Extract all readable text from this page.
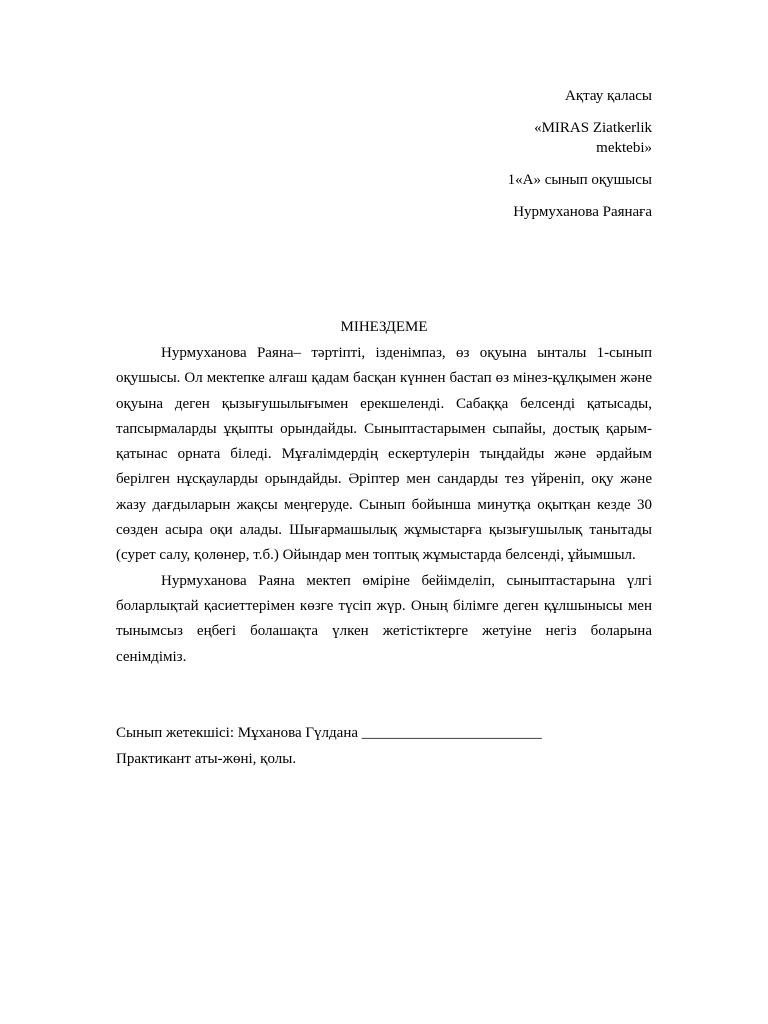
Ақтау қаласы
«MIRAS Ziatkerlik
mektebi»
1«А» сынып оқушысы
Нурмуханова Раянаға
МІНЕЗДЕМЕ

Нурмуханова Раяна– тәртіпті, ізденімпаз, өз оқуына ынталы 1-сынып оқушысы. Ол мектепке алғаш қадам басқан күннен бастап өз мінез-құлқымен және оқуына деген қызығушылығымен ерекшеленді. Сабаққа белсенді қатысады, тапсырмаларды ұқыпты орындайды. Сыныптастарымен сыпайы, достық қарым-қатынас орната біледі. Мұғалімдердің ескертулерін тыңдайды және әрдайым берілген нұсқауларды орындайды. Әріптер мен сандарды тез үйреніп, оқу және жазу дағдыларын жақсы меңгеруде. Сынып бойынша минутқа оқытқан кезде 30 сөзден асыра оқи алады. Шығармашылық жұмыстарға қызығушылық танытады (сурет салу, қолөнер, т.б.) Ойындар мен топтық жұмыстарда белсенді, ұйымшыл.

Нурмуханова Раяна мектеп өміріне бейімделіп, сыныптастарына үлгі боларлықтай қасиеттерімен көзге түсіп жүр. Оның білімге деген құлшынысы мен тынымсыз еңбегі болашақта үлкен жетістіктерге жетуіне негіз боларына сенімдіміз.

Сынып жетекшісі: Мұханова Гүлдана ________________________
Практикант аты-жөні, қолы.
